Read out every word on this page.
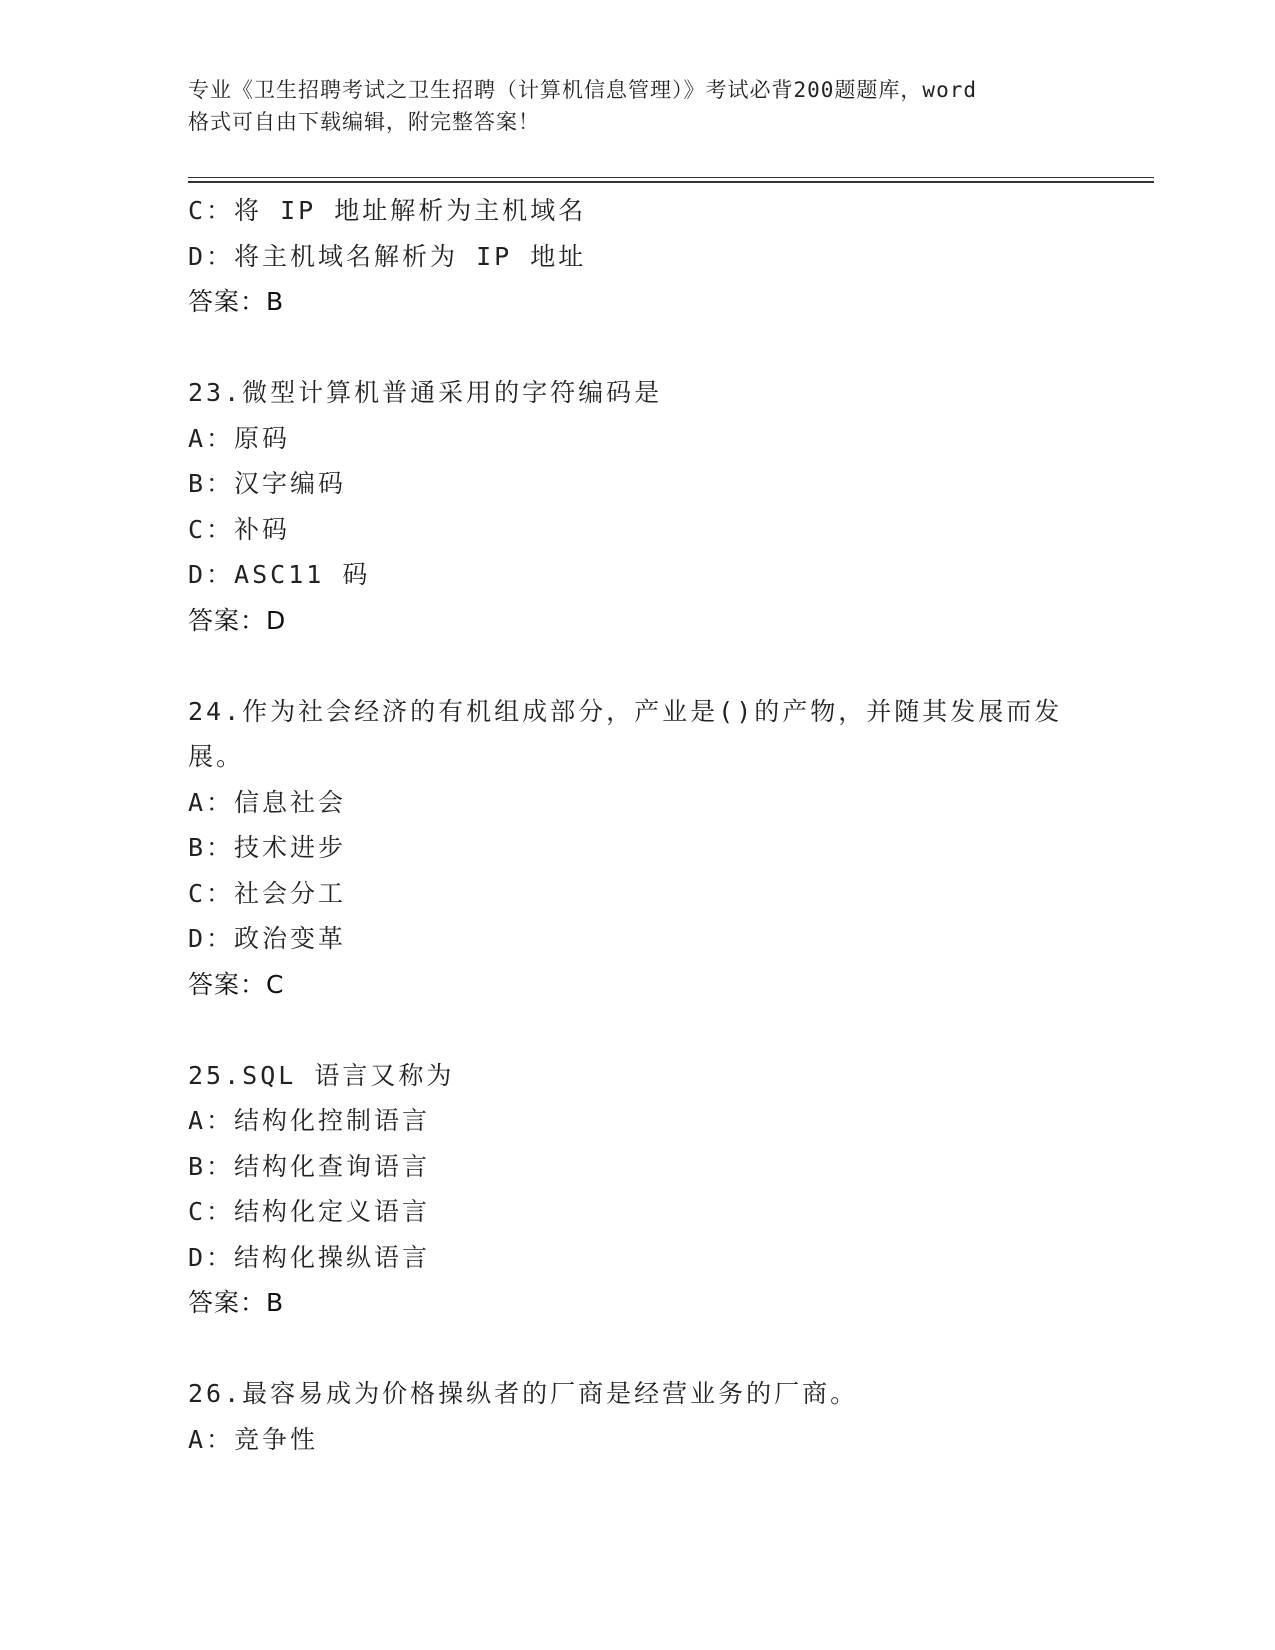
专业《卫生招聘考试之卫生招聘（计算机信息管理）》考试必背200题题库，word
格式可自由下载编辑，附完整答案！
C：将 IP 地址解析为主机域名
D：将主机域名解析为 IP 地址
答案：B
23.微型计算机普通采用的字符编码是
A：原码
B：汉字编码
C：补码
D：ASC11 码
答案：D
24.作为社会经济的有机组成部分，产业是()的产物，并随其发展而发
展。
A：信息社会
B：技术进步
C：社会分工
D：政治变革
答案：C
25.SQL 语言又称为
A：结构化控制语言
B：结构化查询语言
C：结构化定义语言
D：结构化操纵语言
答案：B
26.最容易成为价格操纵者的厂商是经营业务的厂商。
A：竞争性
